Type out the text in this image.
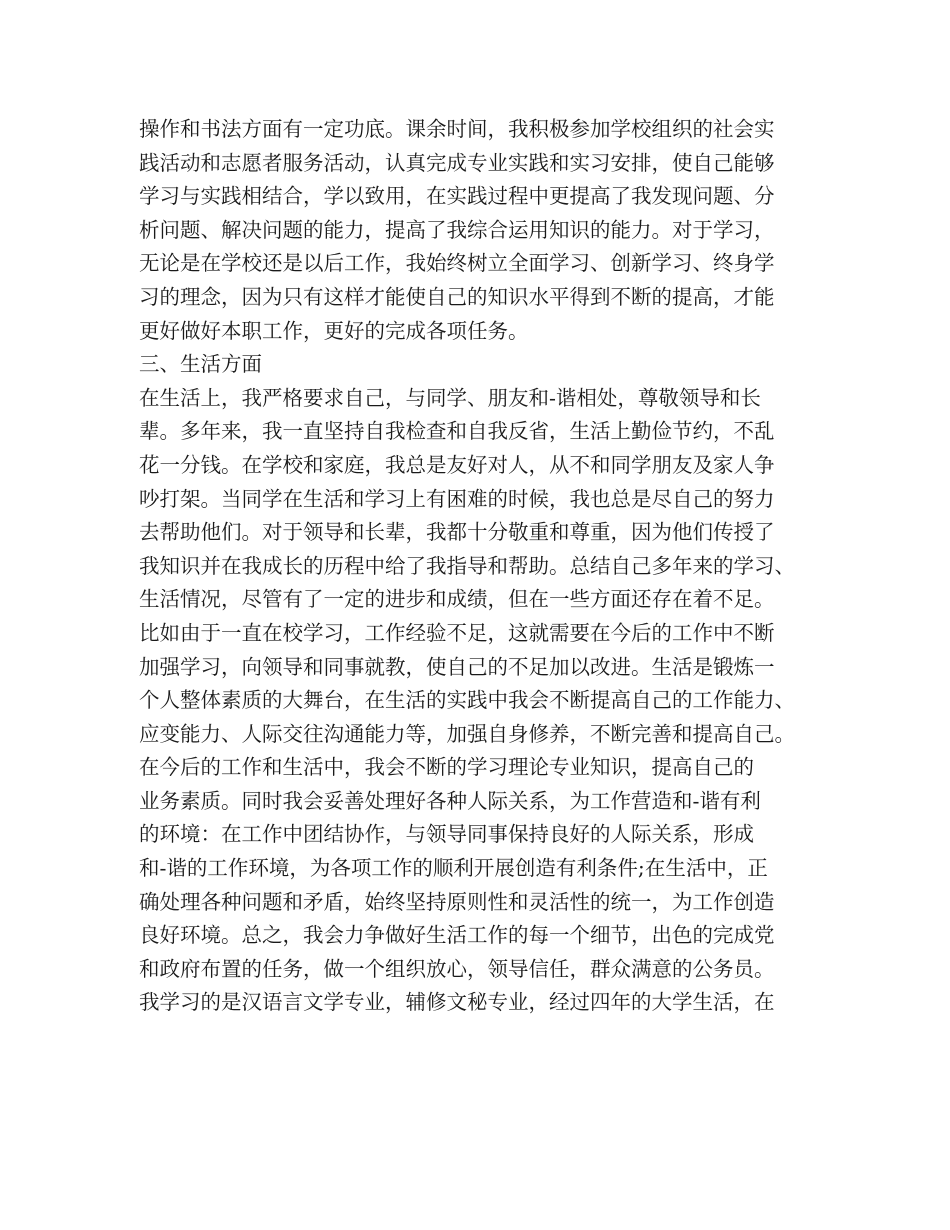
操作和书法方面有一定功底。课余时间，我积极参加学校组织的社会实
践活动和志愿者服务活动，认真完成专业实践和实习安排，使自己能够
学习与实践相结合，学以致用，在实践过程中更提高了我发现问题、分
析问题、解决问题的能力，提高了我综合运用知识的能力。对于学习，
无论是在学校还是以后工作，我始终树立全面学习、创新学习、终身学
习的理念，因为只有这样才能使自己的知识水平得到不断的提高，才能
更好做好本职工作，更好的完成各项任务。
三、生活方面
在生活上，我严格要求自己，与同学、朋友和-谐相处，尊敬领导和长
辈。多年来，我一直坚持自我检查和自我反省，生活上勤俭节约，不乱
花一分钱。在学校和家庭，我总是友好对人，从不和同学朋友及家人争
吵打架。当同学在生活和学习上有困难的时候，我也总是尽自己的努力
去帮助他们。对于领导和长辈，我都十分敬重和尊重，因为他们传授了
我知识并在我成长的历程中给了我指导和帮助。总结自己多年来的学习、
生活情况，尽管有了一定的进步和成绩，但在一些方面还存在着不足。
比如由于一直在校学习，工作经验不足，这就需要在今后的工作中不断
加强学习，向领导和同事就教，使自己的不足加以改进。生活是锻炼一
个人整体素质的大舞台，在生活的实践中我会不断提高自己的工作能力、
应变能力、人际交往沟通能力等，加强自身修养，不断完善和提高自己。
在今后的工作和生活中，我会不断的学习理论专业知识，提高自己的
业务素质。同时我会妥善处理好各种人际关系，为工作营造和-谐有利
的环境：在工作中团结协作，与领导同事保持良好的人际关系，形成
和-谐的工作环境，为各项工作的顺利开展创造有利条件;在生活中，正
确处理各种问题和矛盾，始终坚持原则性和灵活性的统一，为工作创造
良好环境。总之，我会力争做好生活工作的每一个细节，出色的完成党
和政府布置的任务，做一个组织放心，领导信任，群众满意的公务员。
我学习的是汉语言文学专业，辅修文秘专业，经过四年的大学生活，在
